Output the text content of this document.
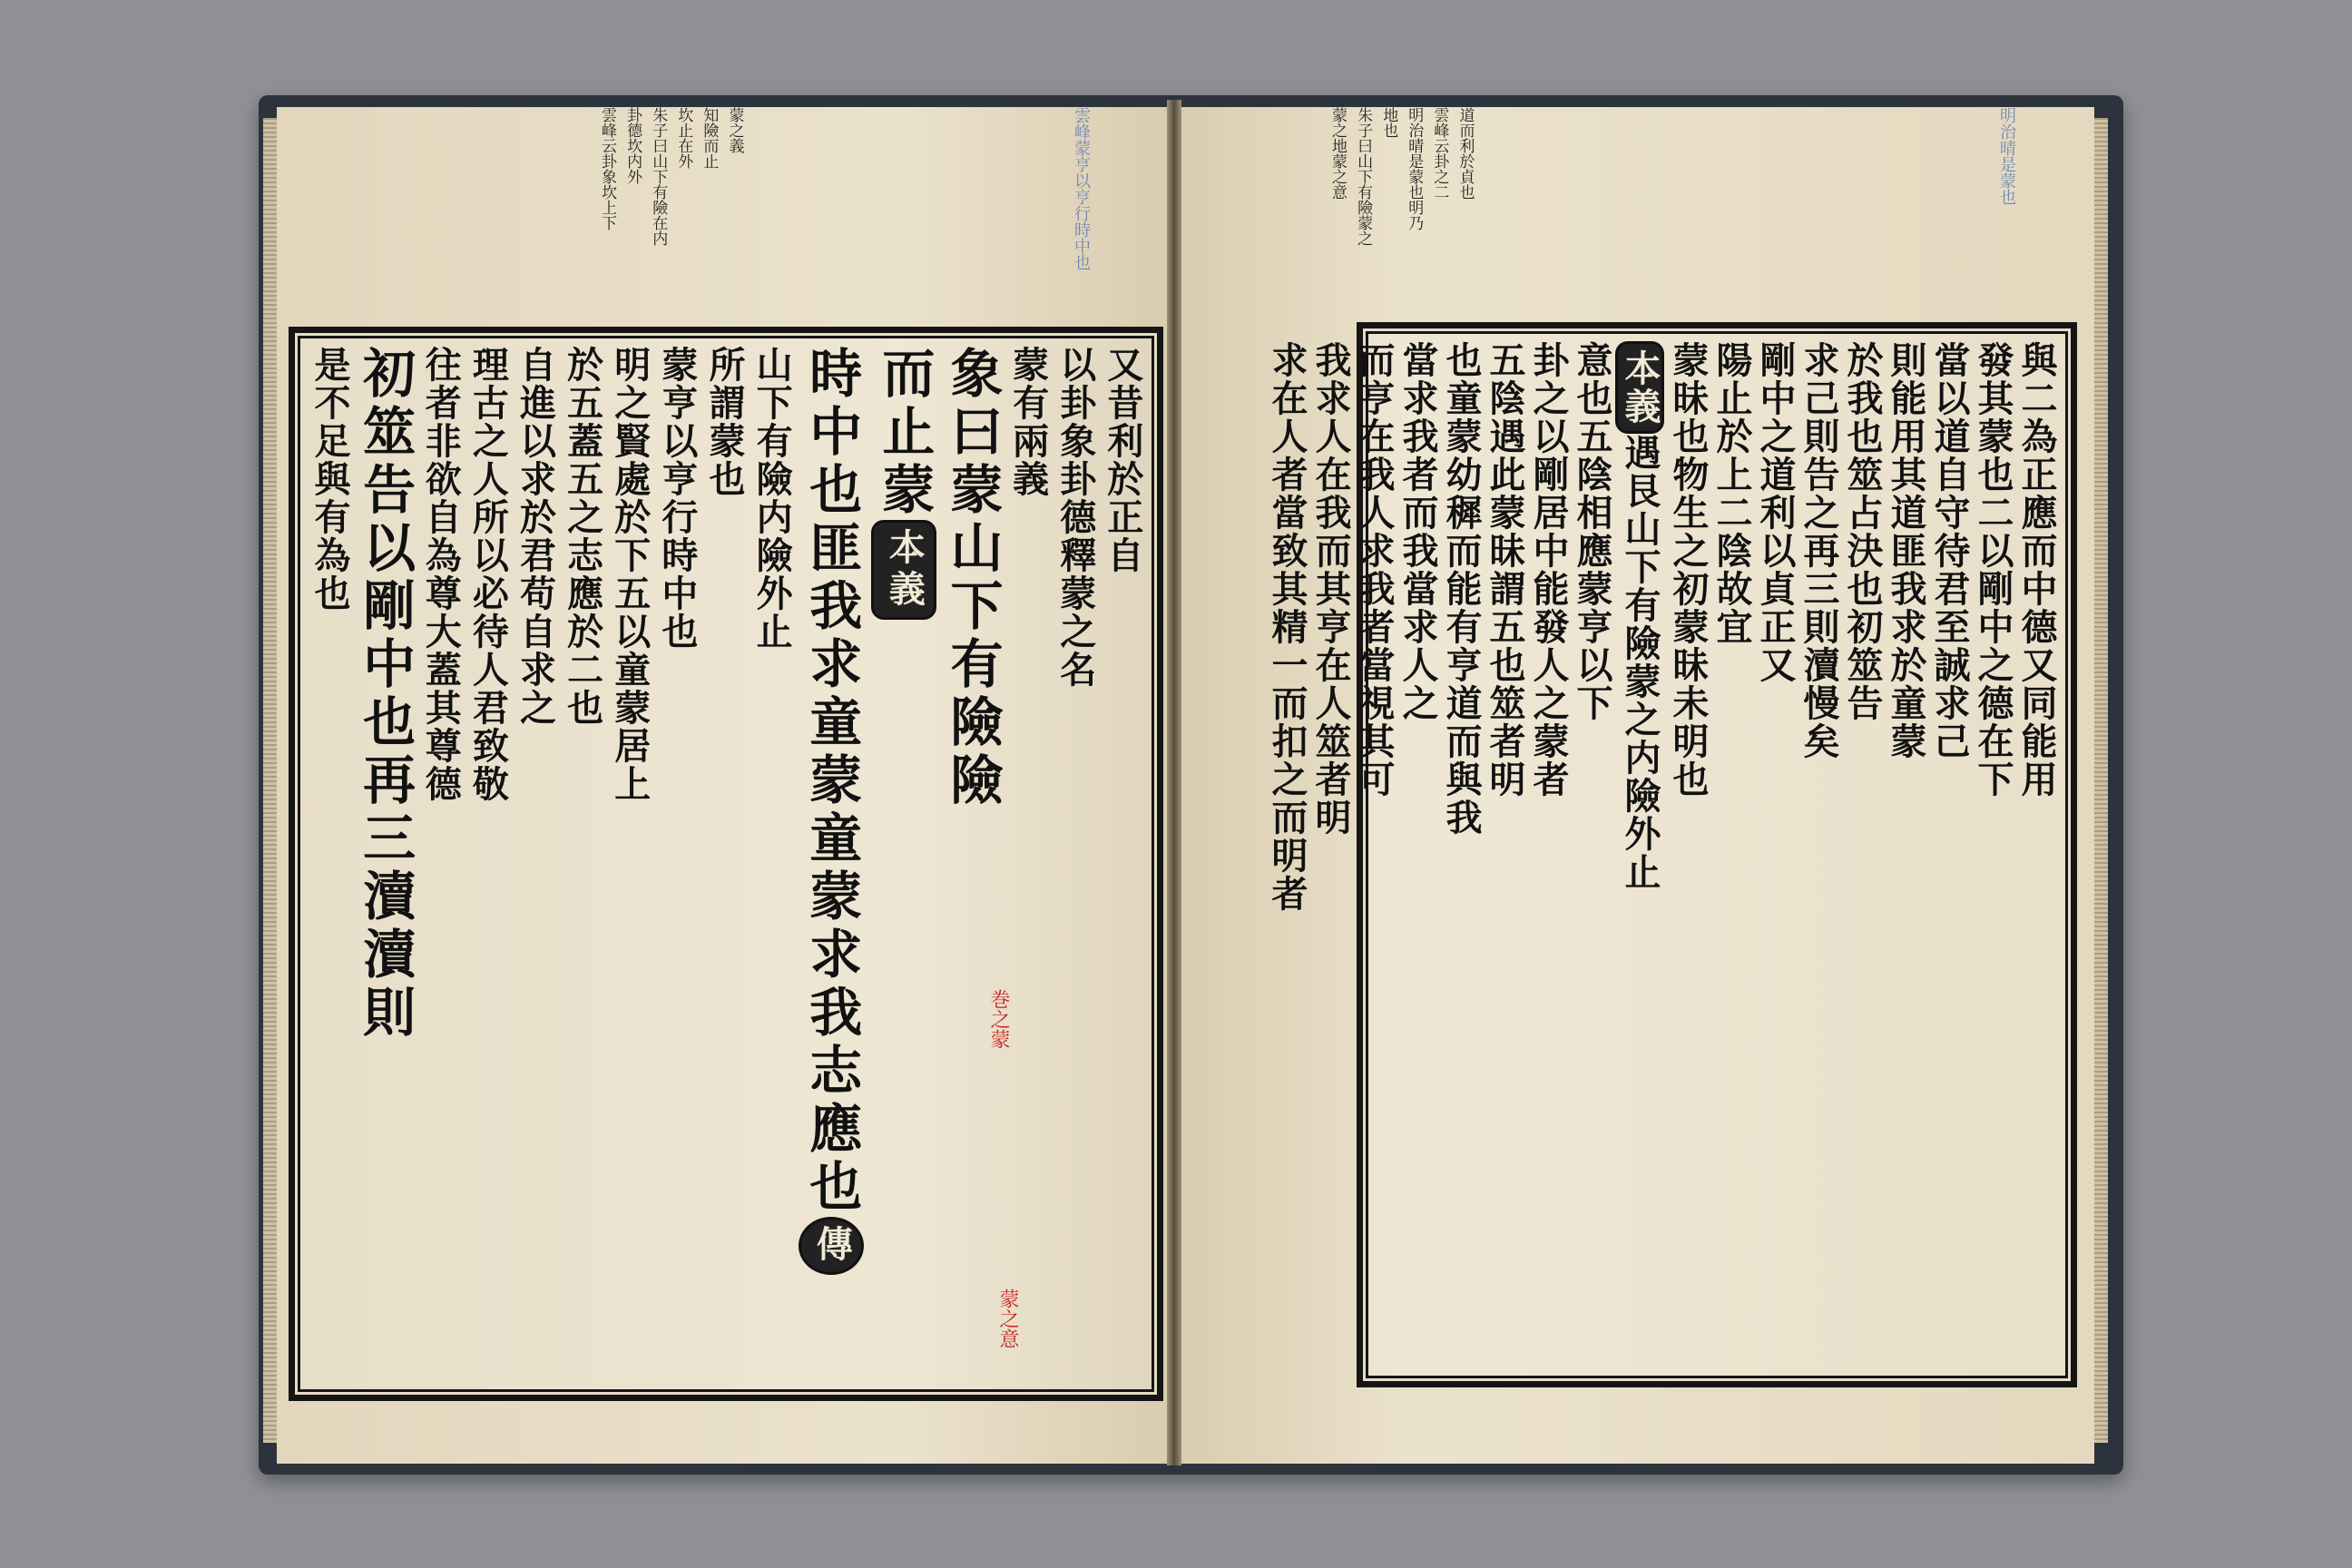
雲峰蒙亨以亨行時中也	明治晴是蒙也
雲峰云卦象坎上下 卦德坎内外 朱子曰山下有險在内 坎止在外 知險而止 蒙之義	蒙之地蒙之意 朱子曰山下有險蒙之 地也 明治晴是蒙也明乃 雲峰云卦之二 道而利於貞也
又昔利於正自
以卦象卦德釋蒙之名
蒙有兩義
象曰蒙山下有險險
而止蒙本義
時中也匪我求童蒙童蒙求我志應也傳
山下有險内險外止
所謂蒙也
蒙亨以亨行時中也
明之賢處於下五以童蒙居上
於五蓋五之志應於二也
自進以求於君苟自求之
理古之人所以必待人君致敬
往者非欲自為尊大蓋其尊德
初筮告以剛中也再三瀆瀆則
是不足與有為也
巻之蒙
蒙之意
與二為正應而中德又同能用
發其蒙也二以剛中之德在下
當以道自守待君至誠求己
則能用其道匪我求於童蒙
於我也筮占決也初筮告
求己則告之再三則瀆慢矣
剛中之道利以貞正又
陽止於上二陰故宜
蒙昧也物生之初蒙昧未明也
本義遇艮山下有險蒙之内險外止
意也五陰相應蒙亨以下
卦之以剛居中能發人之蒙者
五陰遇此蒙昧謂五也筮者明
也童蒙幼穉而能有亨道而與我
當求我者而我當求人之
而亨在我人求我者當視其可
我求人在我而其亨在人筮者明
求在人者當致其精一而扣之而明者
